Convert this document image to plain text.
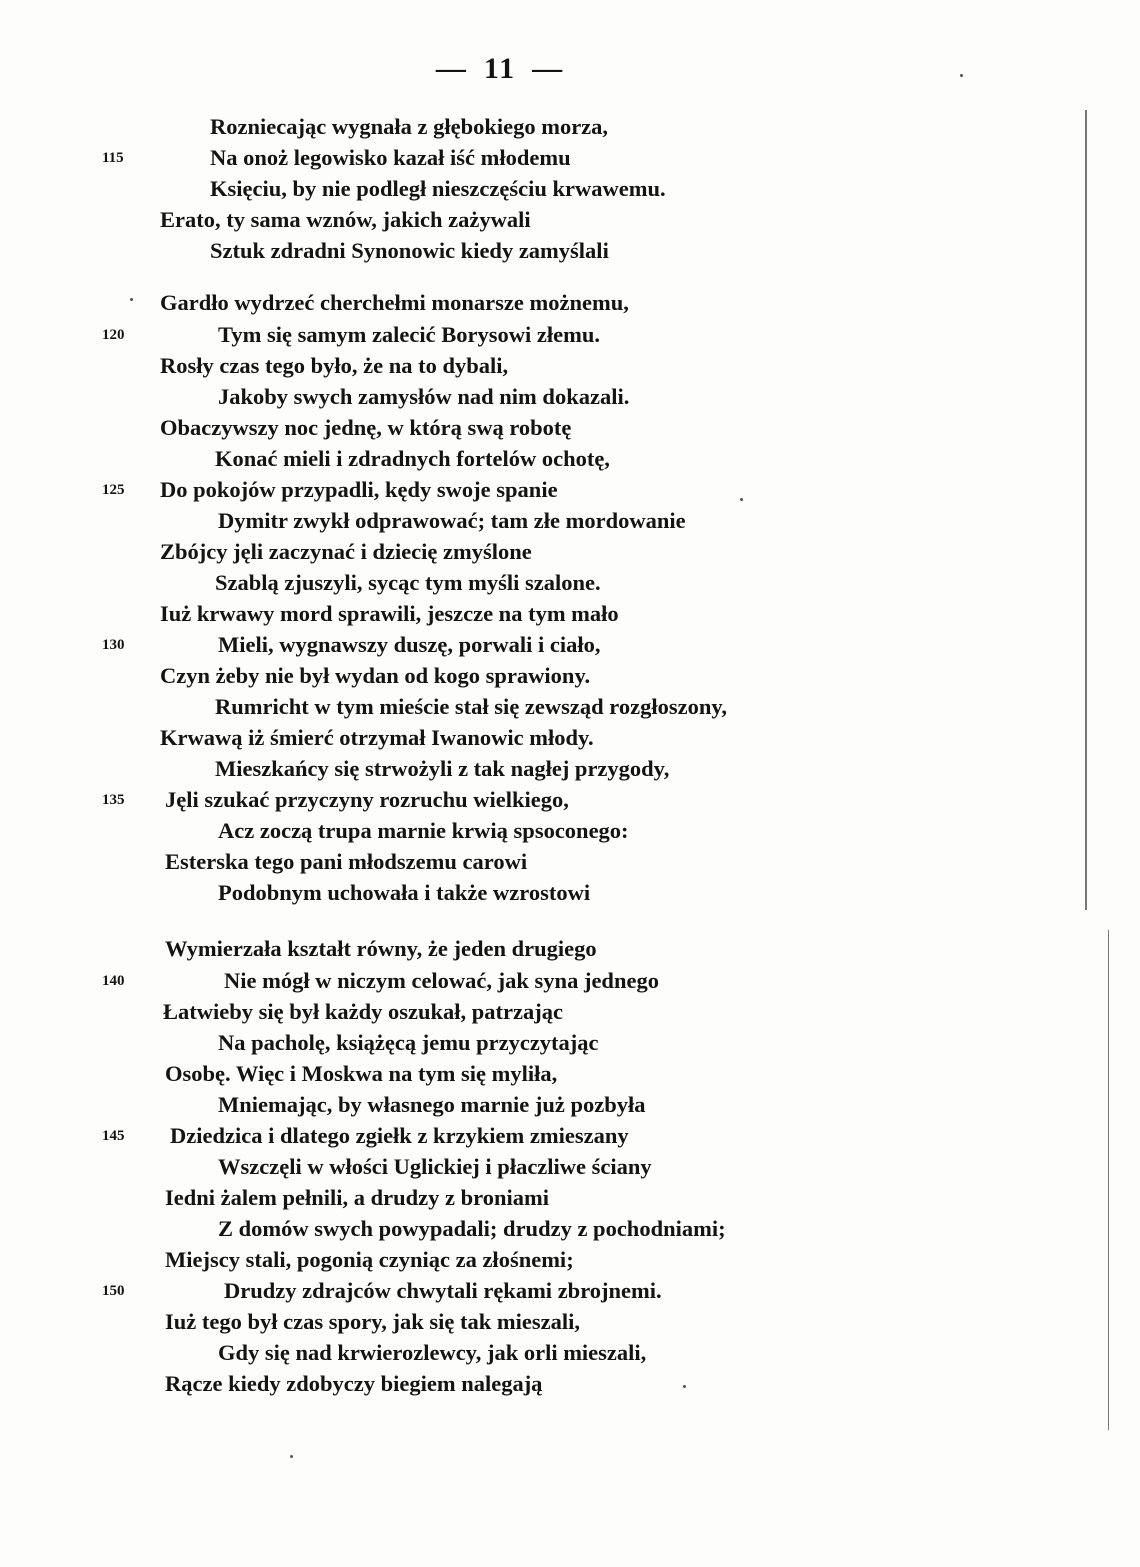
— 11 —
Rozniecając wygnała z głębokiego morza,
Na onoż legowisko kazał iść młodemu
Księciu, by nie podległ nieszczęściu krwawemu.
Erato, ty sama wznów, jakich zażywali
Sztuk zdradni Synonowic kiedy zamyślali
Gardło wydrzeć cherchełmi monarsze możnemu,
Tym się samym zalecić Borysowi złemu.
Rosły czas tego było, że na to dybali,
Jakoby swych zamysłów nad nim dokazali.
Obaczywszy noc jednę, w którą swą robotę
Konać mieli i zdradnych fortelów ochotę,
Do pokojów przypadli, kędy swoje spanie
Dymitr zwykł odprawować; tam złe mordowanie
Zbójcy jęli zaczynać i dziecię zmyślone
Szablą zjuszyli, sycąc tym myśli szalone.
Iuż krwawy mord sprawili, jeszcze na tym mało
Mieli, wygnawszy duszę, porwali i ciało,
Czyn żeby nie był wydan od kogo sprawiony.
Rumricht w tym mieście stał się zewsząd rozgłoszony,
Krwawą iż śmierć otrzymał Iwanowic młody.
Mieszkańcy się strwożyli z tak nagłej przygody,
Jęli szukać przyczyny rozruchu wielkiego,
Acz zoczą trupa marnie krwią spsoconego:
Esterska tego pani młodszemu carowi
Podobnym uchowała i także wzrostowi
Wymierzała kształt równy, że jeden drugiego
Nie mógł w niczym celować, jak syna jednego
Łatwieby się był każdy oszukał, patrzając
Na pacholę, książęcą jemu przyczytając
Osobę. Więc i Moskwa na tym się myliła,
Mniemając, by własnego marnie już pozbyła
Dziedzica i dlatego zgiełk z krzykiem zmieszany
Wszczęli w włości Uglickiej i płaczliwe ściany
Iedni żalem pełnili, a drudzy z broniami
Z domów swych powypadali; drudzy z pochodniami;
Miejscy stali, pogonią czyniąc za złośnemi;
Drudzy zdrajców chwytali rękami zbrojnemi.
Iuż tego był czas spory, jak się tak mieszali,
Gdy się nad krwierozlewcy, jak orli mieszali,
Rącze kiedy zdobyczy biegiem nalegają
115
120
125
130
135
140
145
150
